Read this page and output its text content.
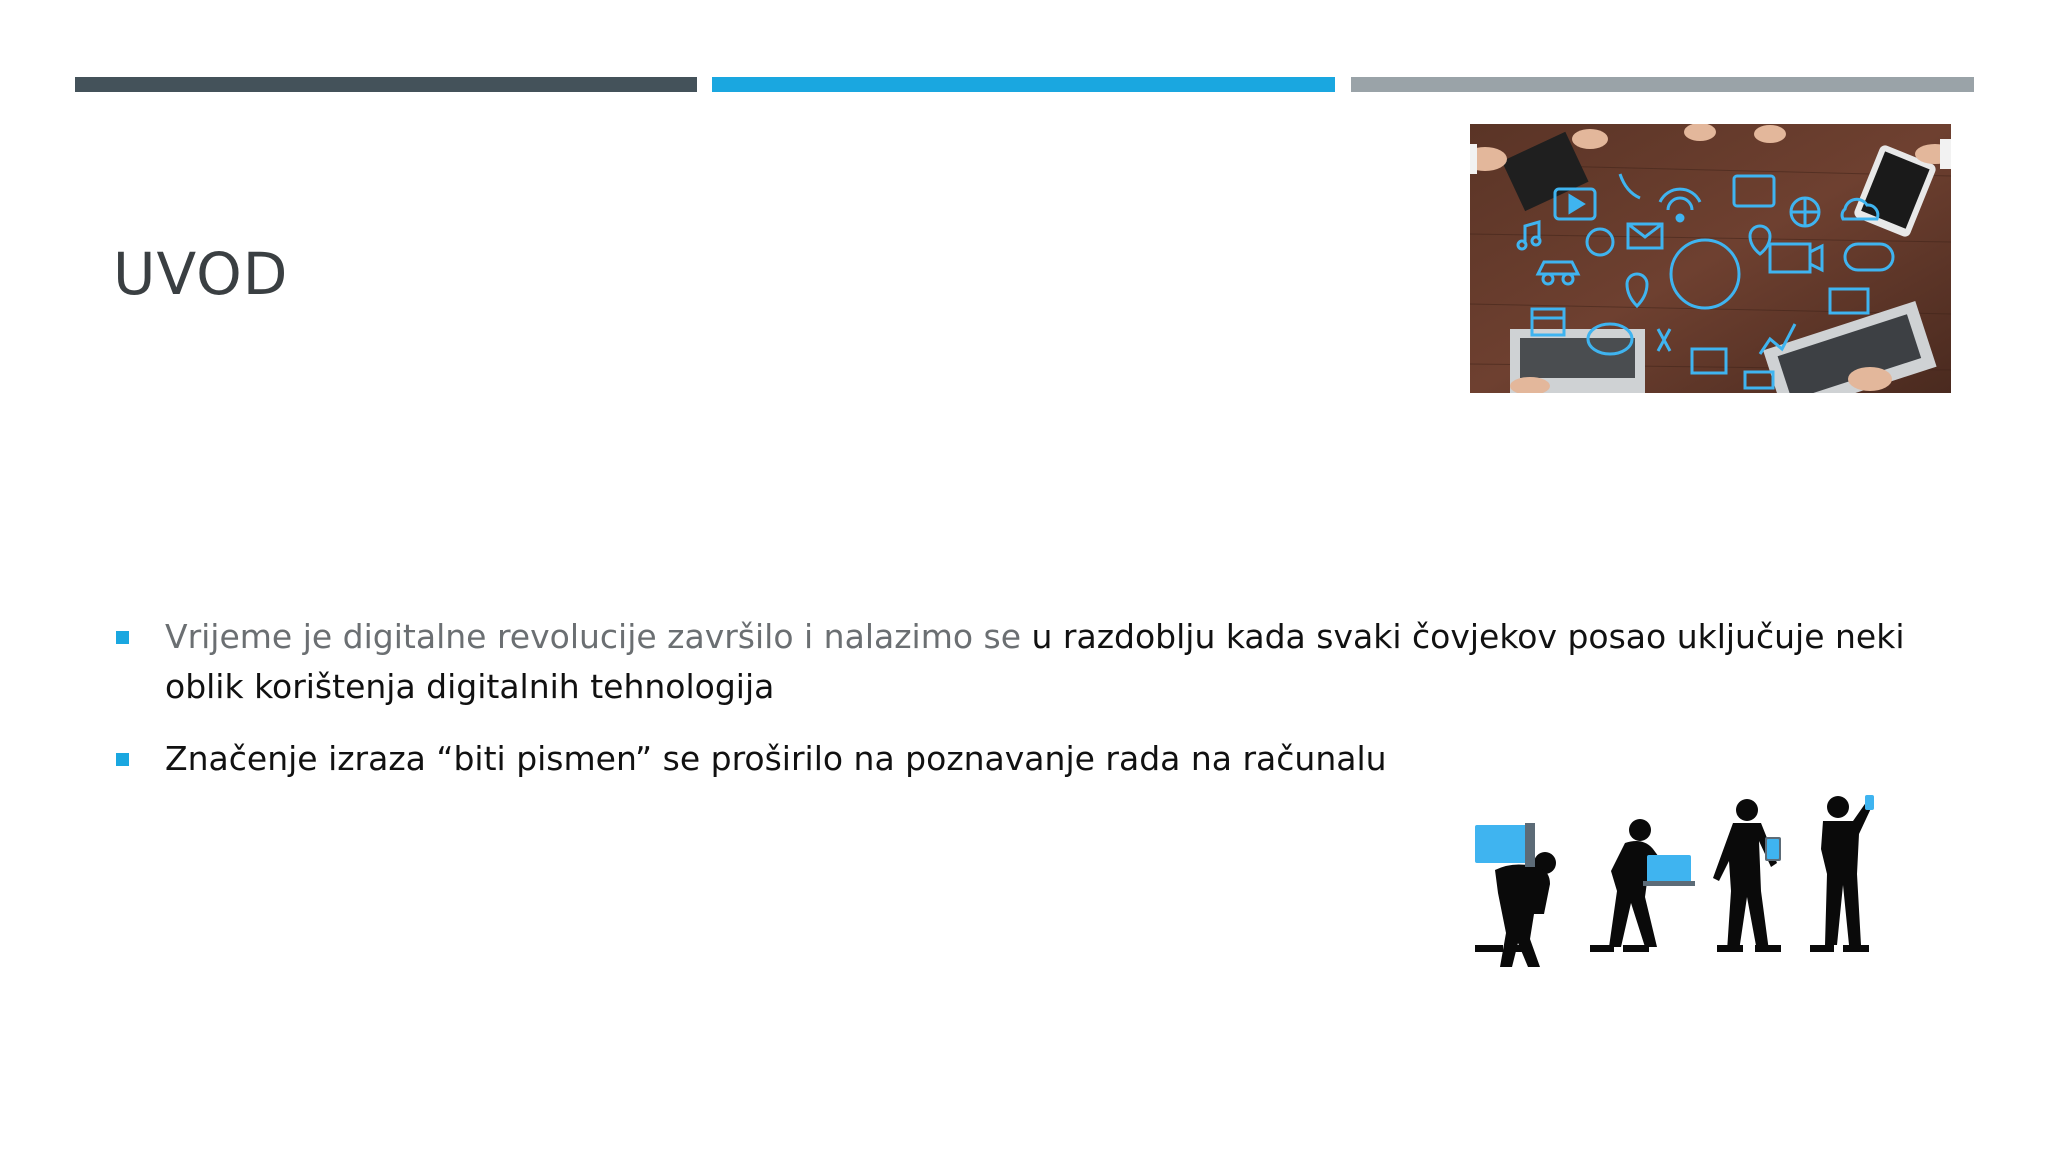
UVOD
Vrijeme je digitalne revolucije završilo i nalazimo se u razdoblju kada svaki čovjekov posao uključuje neki oblik korištenja digitalnih tehnologija
Značenje izraza “biti pismen” se proširilo na poznavanje rada na računalu
